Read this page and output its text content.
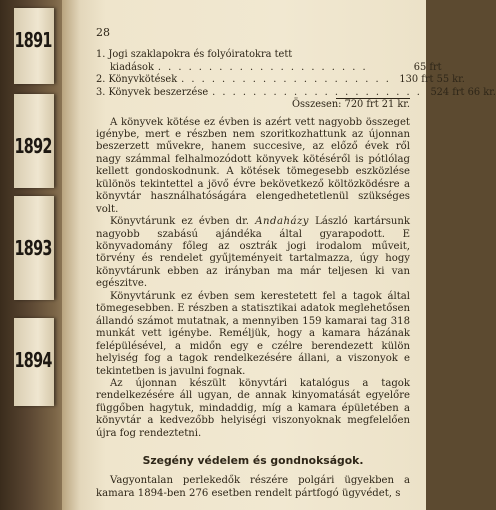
1891
1892
1893
1894
28
1. Jogi szaklapokra és folyóiratokra tett
kiadások . . . . . . . . . . . . . . . . . . . . .	65 frt
2. Könyvkötések . . . . . . . . . . . . . . . . . . . . . 130 frt 55 kr.
3. Könyvek beszerzése . . . . . . . . . . . . . . . . . . . . . 524 frt 66 kr.
Összesen: 720 frt 21 kr.

A könyvek kötése ez évben is azért vett nagyobb összeget igénybe, mert e részben nem szoritkozhattunk az újonnan beszerzett művekre, hanem succesive, az előző évek ről nagy számmal felhalmozódott könyvek kötéséről is pótlólag kellett gondoskodnunk. A kötések tömegesebb eszközlése különös tekintettel a jövő évre bekövetkező költözködésre a könyvtár használhatóságára elengedhetetlenül szükséges volt.

Könyvtárunk ez évben dr. Andaházy László kartársunk nagyobb szabású ajándéka által gyarapodott. E könyvadomány főleg az osztrák jogi irodalom műveit, törvény és rendelet gyűjteményeit tartalmazza, úgy hogy könyvtárunk ebben az irányban ma már teljesen ki van egészitve.

Könyvtárunk ez évben sem kerestetett fel a tagok által tömegesebben. E részben a statisztikai adatok meglehetősen állandó számot mutatnak, a mennyiben 159 kamarai tag 318 munkát vett igénybe. Reméljük, hogy a kamara házának felépülésével, a midőn egy e czélre berendezett külön helyiség fog a tagok rendelkezésére állani, a viszonyok e tekintetben is javulni fognak.

Az újonnan készült könyvtári katalógus a tagok rendelkezésére áll ugyan, de annak kinyomatását egyelőre függőben hagytuk, mindaddig, míg a kamara épületében a könyvtár a kedvezőbb helyiségi viszonyoknak megfelelően újra fog rendeztetni.

Szegény védelem és gondnokságok.

Vagyontalan perlekedők részére polgári ügyekben a kamara 1894-ben 276 esetben rendelt pártfogó ügyvédet, s
